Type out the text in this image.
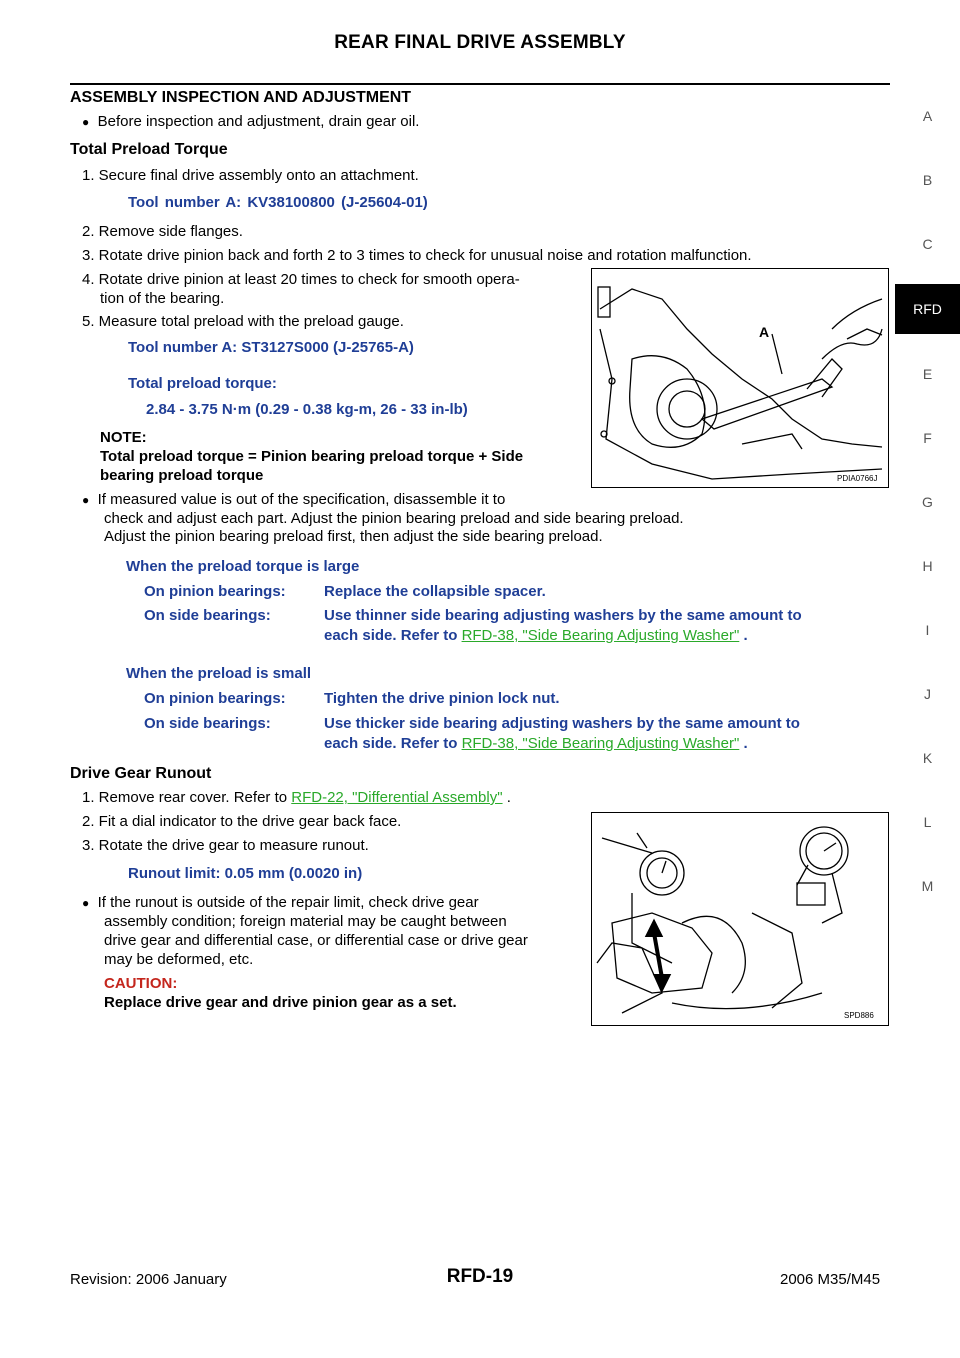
REAR FINAL DRIVE ASSEMBLY
A
B
C
RFD
E
F
G
H
I
J
K
L
M
ASSEMBLY INSPECTION AND ADJUSTMENT
● Before inspection and adjustment, drain gear oil.
Total Preload Torque
1. Secure final drive assembly onto an attachment.
Tool number A: KV38100800 (J-25604-01)
2. Remove side flanges.
3. Rotate drive pinion back and forth 2 to 3 times to check for unusual noise and rotation malfunction.
4. Rotate drive pinion at least 20 times to check for smooth opera-
tion of the bearing.
5. Measure total preload with the preload gauge.
Tool number A: ST3127S000 (J-25765-A)
Total preload torque:
2.84 - 3.75 N·m (0.29 - 0.38 kg-m, 26 - 33 in-lb)
NOTE:
Total preload torque = Pinion bearing preload torque + Side
bearing preload torque
● If measured value is out of the specification, disassemble it to
check and adjust each part. Adjust the pinion bearing preload and side bearing preload.
Adjust the pinion bearing preload first, then adjust the side bearing preload.
When the preload torque is large
On pinion bearings:	Replace the collapsible spacer.
On side bearings:	Use thinner side bearing adjusting washers by the same amount to
each side. Refer to RFD-38, "Side Bearing Adjusting Washer" .
When the preload is small
On pinion bearings:	Tighten the drive pinion lock nut.
On side bearings:	Use thicker side bearing adjusting washers by the same amount to
each side. Refer to RFD-38, "Side Bearing Adjusting Washer" .
A
PDIA0766J
Drive Gear Runout
1. Remove rear cover. Refer to RFD-22, "Differential Assembly" .
2. Fit a dial indicator to the drive gear back face.
3. Rotate the drive gear to measure runout.
Runout limit: 0.05 mm (0.0020 in)
● If the runout is outside of the repair limit, check drive gear
assembly condition; foreign material may be caught between
drive gear and differential case, or differential case or drive gear
may be deformed, etc.
CAUTION:
Replace drive gear and drive pinion gear as a set.
SPD886
Revision: 2006 January	RFD-19	2006 M35/M45
